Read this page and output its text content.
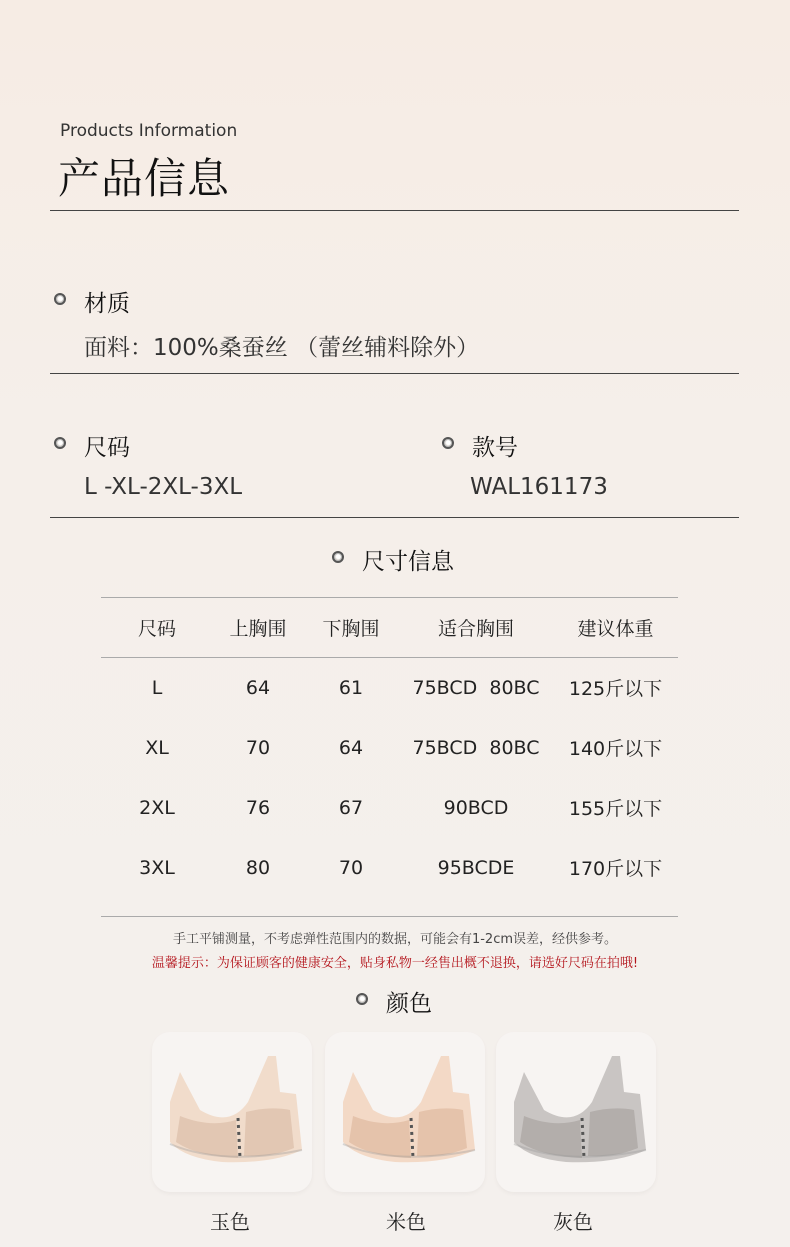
Products Information
产品信息
材质
面料：100%桑蚕丝 （蕾丝辅料除外）
尺码
L -XL-2XL-3XL
款号
WAL161173
尺寸信息
尺码	上胸围	下胸围	适合胸围	建议体重
L	64	61	75BCD  80BC	125斤以下
XL	70	64	75BCD  80BC	140斤以下
2XL	76	67	90BCD	155斤以下
3XL	80	70	95BCDE	170斤以下
手工平铺测量，不考虑弹性范围内的数据，可能会有1-2cm误差，经供参考。
温馨提示：为保证顾客的健康安全，贴身私物一经售出概不退换，请选好尺码在拍哦!
颜色
玉色	米色	灰色
